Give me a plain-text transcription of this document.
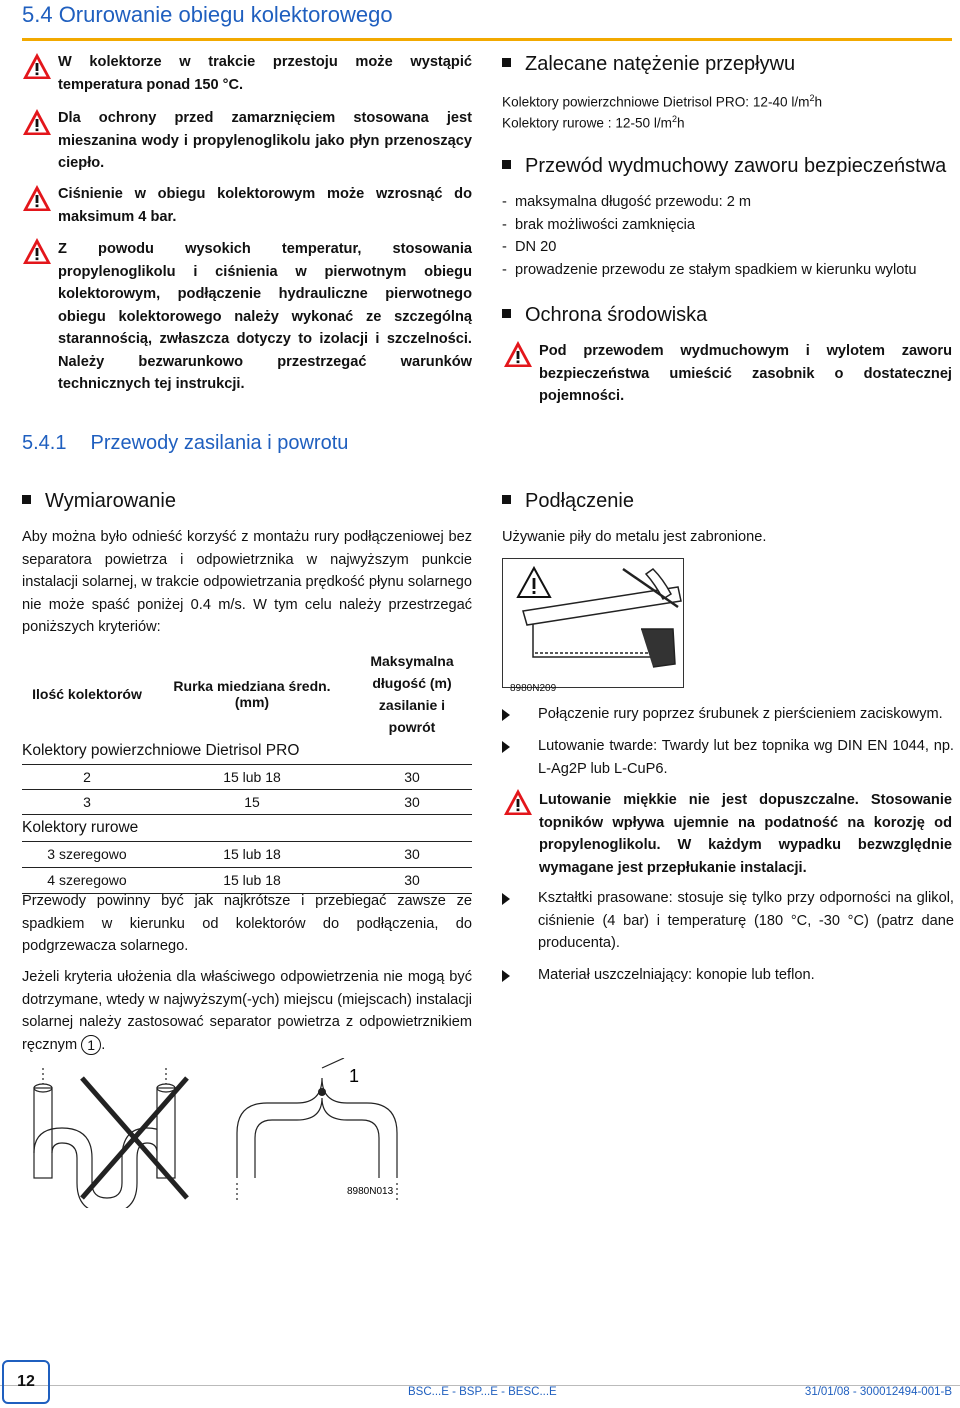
5.4 Orurowanie obiegu kolektorowego
W kolektorze w trakcie przestoju może wystąpić temperatura ponad 150 °C.
Dla ochrony przed zamarznięciem stosowana jest mieszanina wody i propylenoglikolu jako płyn przenoszący ciepło.
Ciśnienie w obiegu kolektorowym może wzrosnąć do maksimum 4 bar.
Z powodu wysokich temperatur, stosowania propylenoglikolu i ciśnienia w pierwotnym obiegu kolektorowym, podłączenie hydrauliczne pierwotnego obiegu kolektorowego należy wykonać ze szczególną starannością, zwłaszcza dotyczy to izolacji i szczelności. Należy bezwarunkowo przestrzegać warunków technicznych tej instrukcji.
Zalecane natężenie przepływu
Kolektory powierzchniowe Dietrisol PRO: 12-40 $l/m^2h$
Kolektory rurowe : 12-50 $l/m^2h$
Przewód wydmuchowy zaworu bezpieczeństwa
-  maksymalna długość przewodu: 2 m
-  brak możliwości zamknięcia
-  DN 20
-  prowadzenie przewodu ze stałym spadkiem w kierunku wylotu
Ochrona środowiska
Pod przewodem wydmuchowym i wylotem zaworu bezpieczeństwa umieścić zasobnik o dostatecznej pojemności.
5.4.1 Przewody zasilania i powrotu
Wymiarowanie
Aby można było odnieść korzyść z montażu rury podłączeniowej bez separatora powietrza i odpowietrznika w najwyższym punkcie instalacji solarnej, w trakcie odpowietrzania prędkość płynu solarnego nie może spaść poniżej 0.4 m/s. W tym celu należy przestrzegać poniższych kryteriów:
Ilość kolektorów	Rurka miedziana średn. (mm)	Maksymalna długość (m) zasilanie i powrót
Kolektory powierzchniowe Dietrisol PRO		
2	15 lub 18	30
3	15	30
Kolektory rurowe		
3 szeregowo	15 lub 18	30
4 szeregowo	15 lub 18	30
Przewody powinny być jak najkrótsze i przebiegać zawsze ze spadkiem w kierunku od kolektorów do podłączenia, do podgrzewacza solarnego.
Jeżeli kryteria ułożenia dla właściwego odpowietrzenia nie mogą być dotrzymane, wtedy w najwyższym(-ych) miejscu (miejscach) instalacji solarnej należy zastosować separator powietrza z odpowietrznikiem ręcznym 1 .
1
8980N013
Podłączenie
Używanie piły do metalu jest zabronione.
8980N209
Połączenie rury poprzez śrubunek z pierścieniem zaciskowym.
Lutowanie twarde: Twardy lut bez topnika wg DIN EN 1044, np. L-Ag2P lub L-CuP6.
Lutowanie miękkie nie jest dopuszczalne. Stosowanie topników wpływa ujemnie na podatność na korozję od propylenoglikolu. W każdym wypadku bezwzględnie wymagane jest przepłukanie instalacji.
Kształtki prasowane: stosuje się tylko przy odporności na glikol, ciśnienie (4 bar) i temperaturę (180 °C, -30 °C) (patrz dane producenta).
Materiał uszczelniający: konopie lub teflon.
12
BSC...E - BSP...E - BESC...E	31/01/08 - 300012494-001-B
